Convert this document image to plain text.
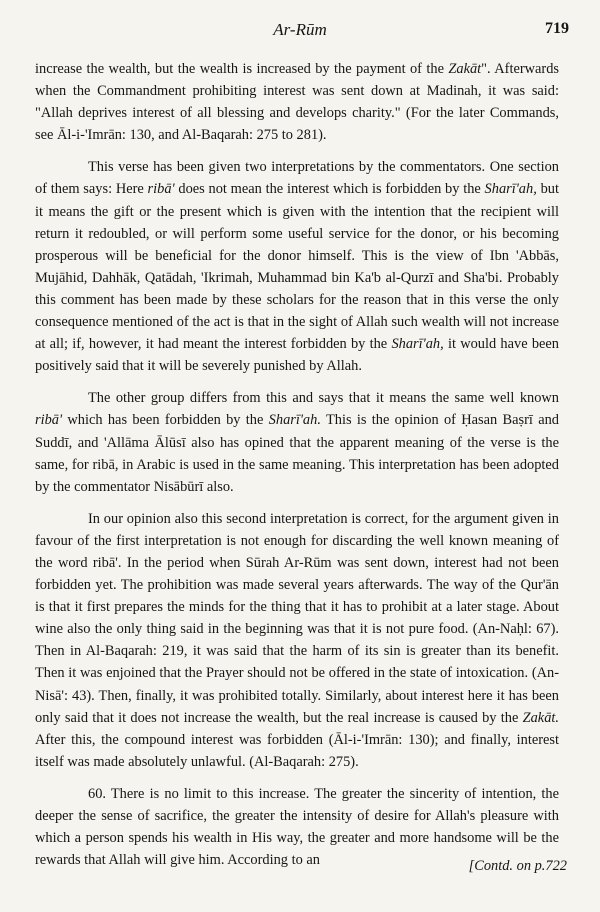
Ar-Rūm	719

increase the wealth, but the wealth is increased by the payment of the Zakāt". Afterwards when the Commandment prohibiting interest was sent down at Madinah, it was said: "Allah deprives interest of all blessing and develops charity." (For the later Commands, see Āl-i-'Imrān: 130, and Al-Baqarah: 275 to 281).

This verse has been given two interpretations by the commentators. One section of them says: Here ribā' does not mean the interest which is forbidden by the Sharī'ah, but it means the gift or the present which is given with the intention that the recipient will return it redoubled, or will perform some useful service for the donor, or his becoming prosperous will be beneficial for the donor himself. This is the view of Ibn 'Abbās, Mujāhid, Dahhāk, Qatādah, 'Ikrimah, Muhammad bin Ka'b al-Qurzī and Sha'bi. Probably this comment has been made by these scholars for the reason that in this verse the only consequence mentioned of the act is that in the sight of Allah such wealth will not increase at all; if, however, it had meant the interest forbidden by the Sharī'ah, it would have been positively said that it will be severely punished by Allah.

The other group differs from this and says that it means the same well known ribā' which has been forbidden by the Sharī'ah. This is the opinion of Ḥasan Baṣrī and Suddī, and 'Allāma Ālūsī also has opined that the apparent meaning of the verse is the same, for ribā, in Arabic is used in the same meaning. This interpretation has been adopted by the commentator Nisābūrī also.

In our opinion also this second interpretation is correct, for the argument given in favour of the first interpretation is not enough for discarding the well known meaning of the word ribā'. In the period when Sūrah Ar-Rūm was sent down, interest had not been forbidden yet. The prohibition was made several years afterwards. The way of the Qur'ān is that it first prepares the minds for the thing that it has to prohibit at a later stage. About wine also the only thing said in the beginning was that it is not pure food. (An-Naḥl: 67). Then in Al-Baqarah: 219, it was said that the harm of its sin is greater than its benefit. Then it was enjoined that the Prayer should not be offered in the state of intoxication. (An-Nisā': 43). Then, finally, it was prohibited totally. Similarly, about interest here it has been only said that it does not increase the wealth, but the real increase is caused by the Zakāt. After this, the compound interest was forbidden (Āl-i-'Imrān: 130); and finally, interest itself was made absolutely unlawful. (Al-Baqarah: 275).

60. There is no limit to this increase. The greater the sincerity of intention, the deeper the sense of sacrifice, the greater the intensity of desire for Allah's pleasure with which a person spends his wealth in His way, the greater and more handsome will be the rewards that Allah will give him. According to an	[Contd. on p.722
